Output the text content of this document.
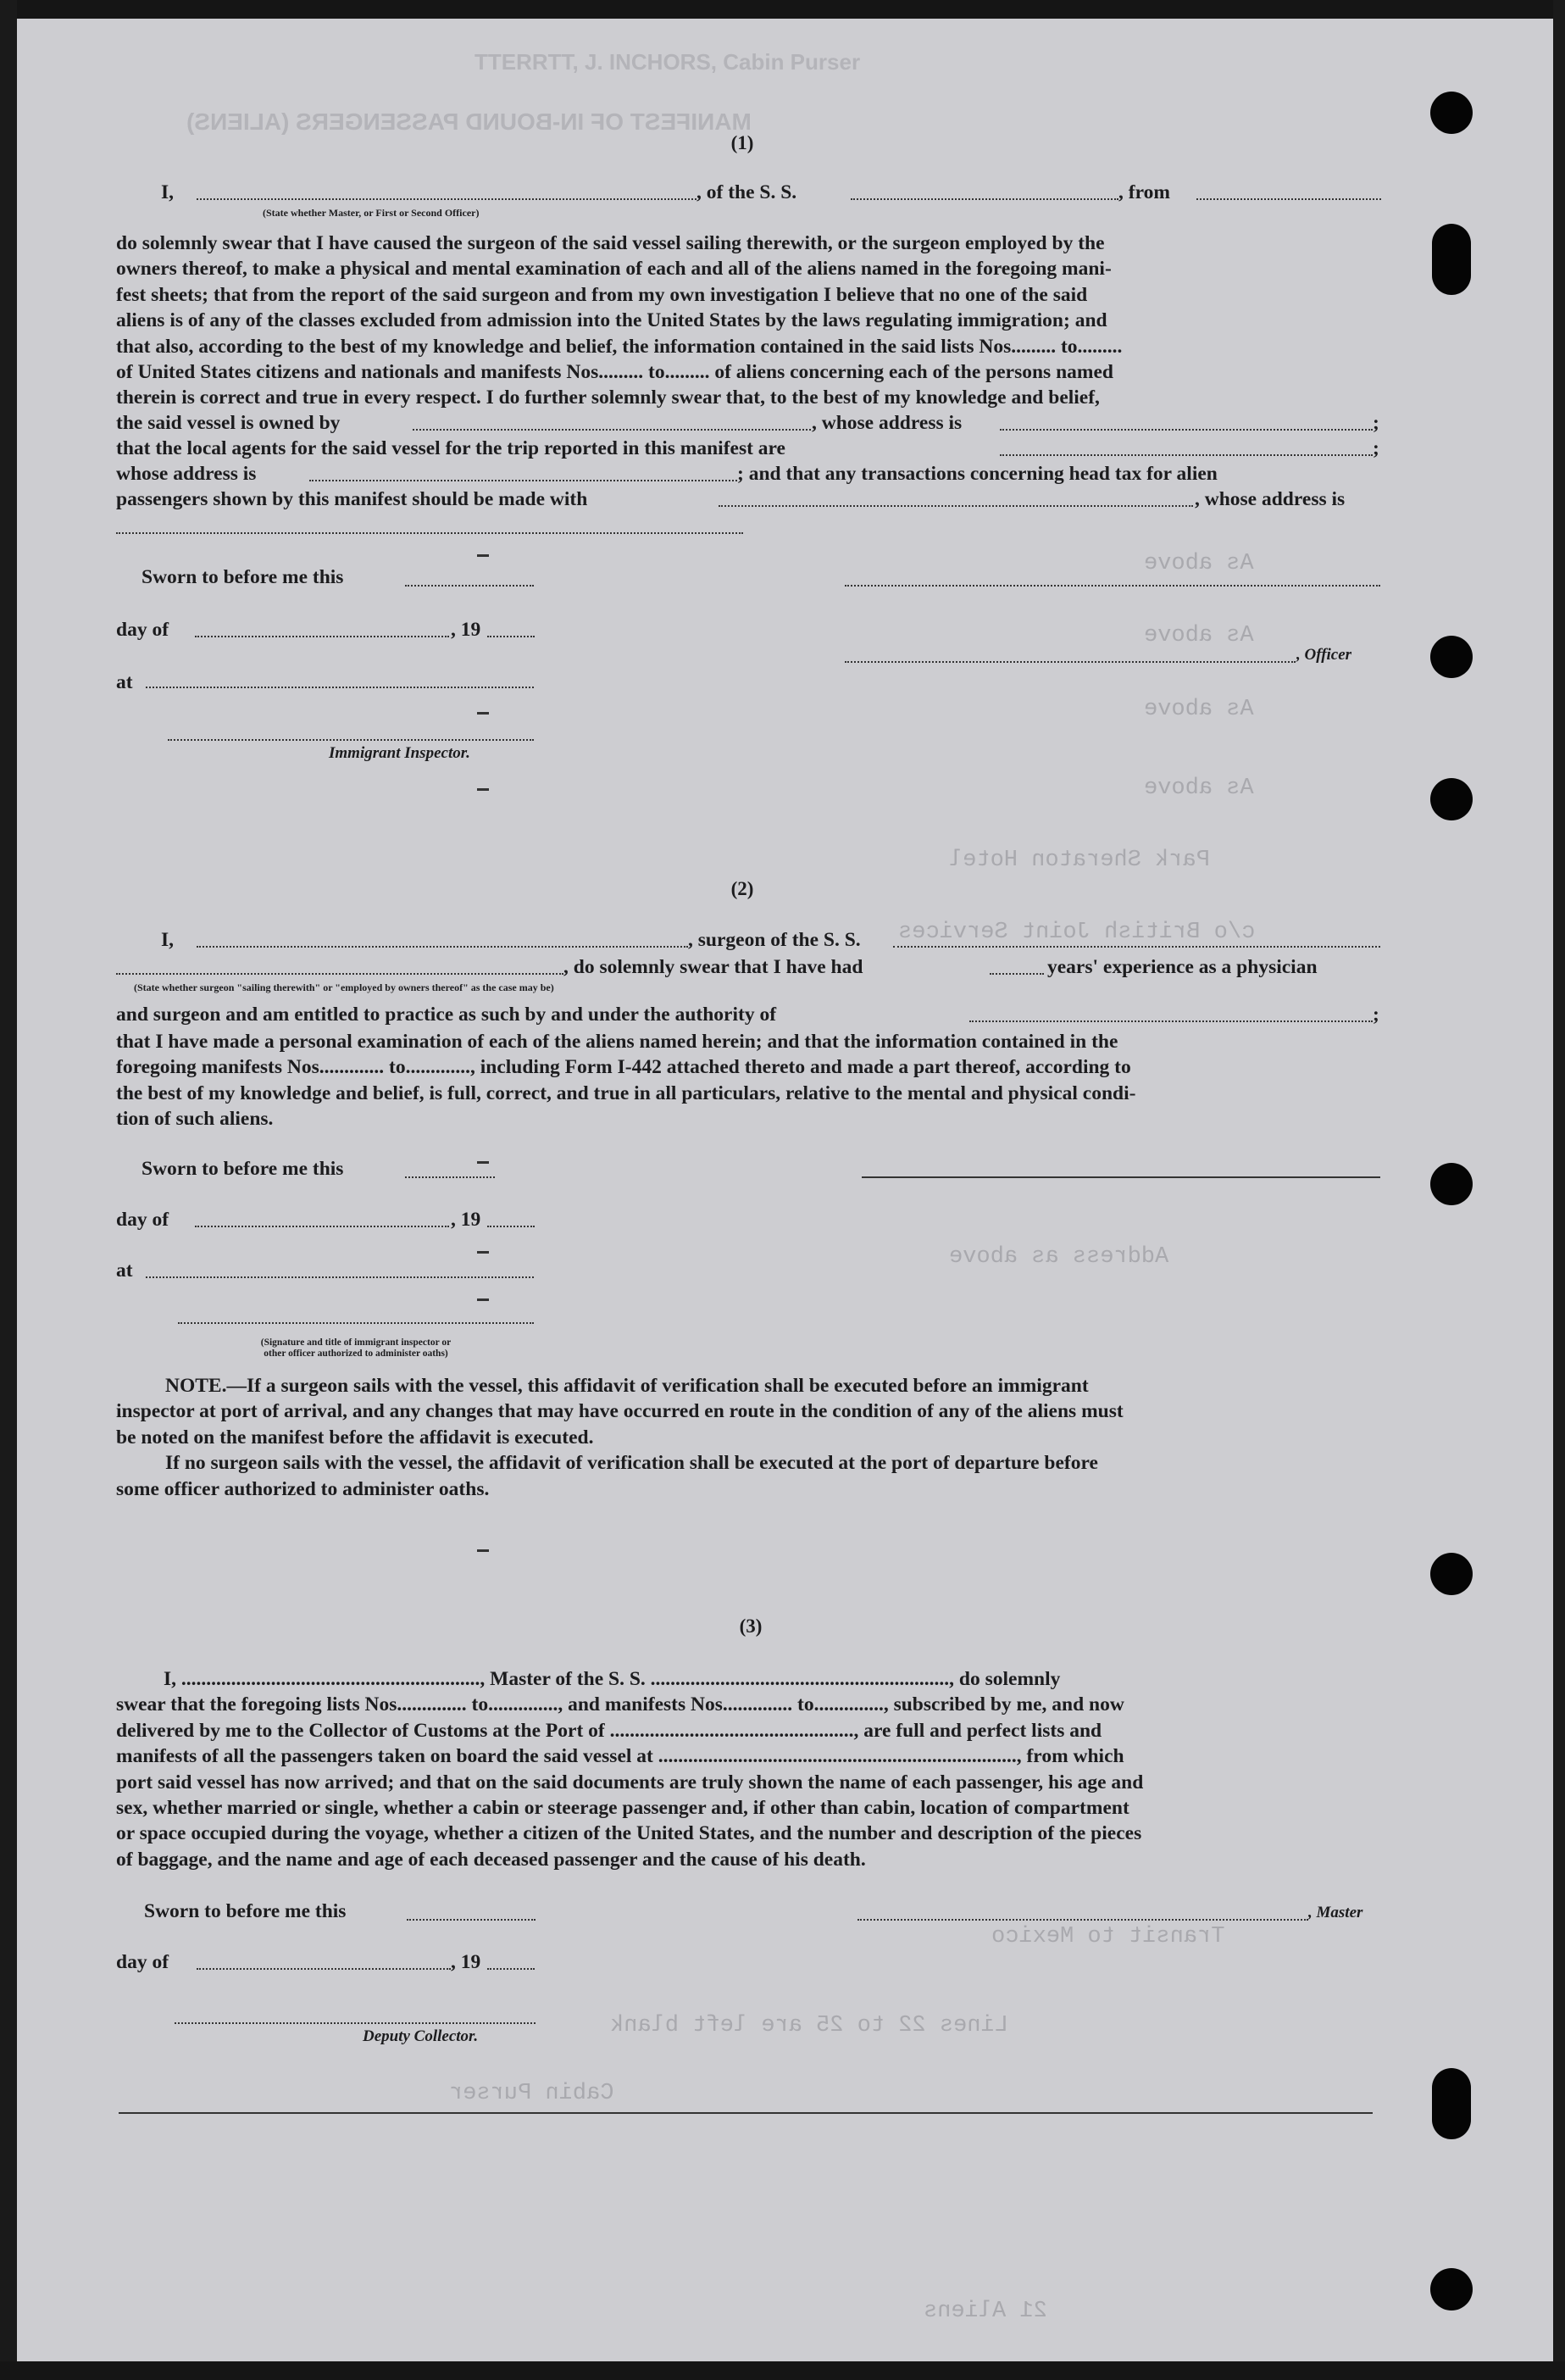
TTERRTT, J. INCHORS, Cabin Purser
MANIFEST OF IN-BOUND PASSENGERS (ALIENS)
As above
As above
As above
As above
Park Sheraton Hotel
c/o British Joint Services
Address as above
Transit to Mexico
Lines 22 to 25 are left blank
Cabin Purser
21 Aliens
(1)
I,
(State whether Master, or First or Second Officer)
, of the S. S.	, from

do solemnly swear that I have caused the surgeon of the said vessel sailing therewith, or the surgeon employed by the

owners thereof, to make a physical and mental examination of each and all of the aliens named in the foregoing mani-

fest sheets; that from the report of the said surgeon and from my own investigation I believe that no one of the said

aliens is of any of the classes excluded from admission into the United States by the laws regulating immigration; and

that also, according to the best of my knowledge and belief, the information contained in the said lists Nos......... to.........

of United States citizens and nationals and manifests Nos......... to......... of aliens concerning each of the persons named

therein is correct and true in every respect. I do further solemnly swear that, to the best of my knowledge and belief,

the said vessel is owned by	, whose address is	;
that the local agents for the said vessel for the trip reported in this manifest are	;
whose address is	; and that any transactions concerning head tax for alien
passengers shown by this manifest should be made with	, whose address is
Sworn to before me this
day of	, 19
, Officer
at
Immigrant Inspector.
(2)
I,	, surgeon of the S. S.
, do solemnly swear that I have had	years' experience as a physician
(State whether surgeon "sailing therewith" or "employed by owners thereof" as the case may be)
and surgeon and am entitled to practice as such by and under the authority of	;

that I have made a personal examination of each of the aliens named herein; and that the information contained in the

foregoing manifests Nos............. to............., including Form I-442 attached thereto and made a part thereof, according to

the best of my knowledge and belief, is full, correct, and true in all particulars, relative to the mental and physical condi-

tion of such aliens.

Sworn to before me this
day of	, 19
at
(Signature and title of immigrant inspector or
other officer authorized to administer oaths)

NOTE.—If a surgeon sails with the vessel, this affidavit of verification shall be executed before an immigrant

inspector at port of arrival, and any changes that may have occurred en route in the condition of any of the aliens must

be noted on the manifest before the affidavit is executed.

If no surgeon sails with the vessel, the affidavit of verification shall be executed at the port of departure before

some officer authorized to administer oaths.

(3)

I, ............................................................, Master of the S. S. ............................................................, do solemnly

swear that the foregoing lists Nos.............. to.............., and manifests Nos.............. to.............., subscribed by me, and now

delivered by me to the Collector of Customs at the Port of ................................................., are full and perfect lists and

manifests of all the passengers taken on board the said vessel at ........................................................................, from which

port said vessel has now arrived; and that on the said documents are truly shown the name of each passenger, his age and

sex, whether married or single, whether a cabin or steerage passenger and, if other than cabin, location of compartment

or space occupied during the voyage, whether a citizen of the United States, and the number and description of the pieces

of baggage, and the name and age of each deceased passenger and the cause of his death.

Sworn to before me this	, Master
day of	, 19
Deputy Collector.
